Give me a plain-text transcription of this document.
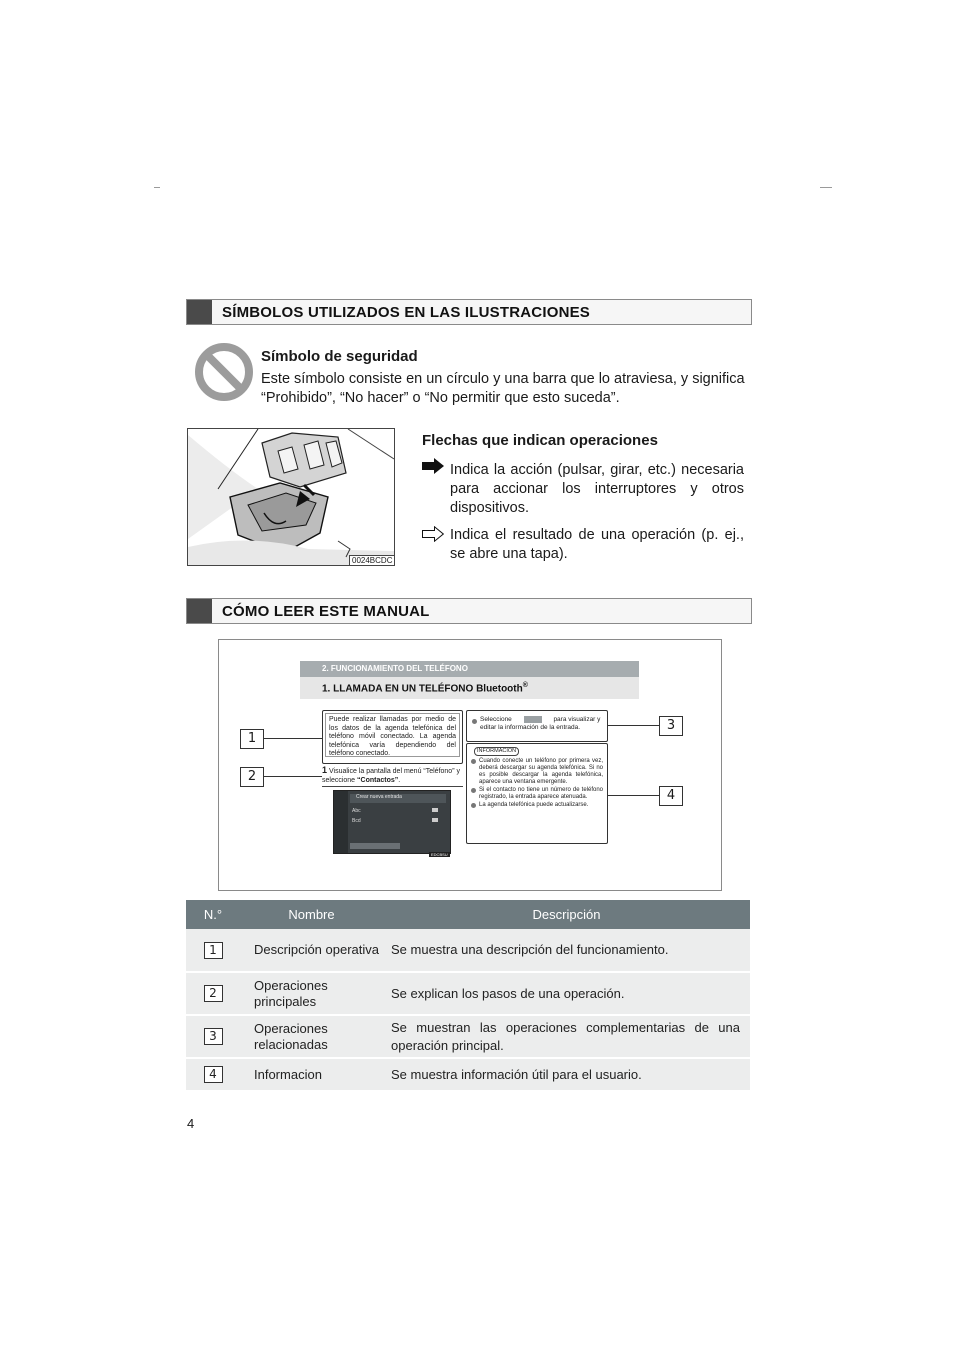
SÍMBOLOS UTILIZADOS EN LAS ILUSTRACIONES
Símbolo de seguridad
Este símbolo consiste en un círculo y una barra que lo atraviesa, y significa “Prohibido”, “No hacer” o “No permitir que esto suceda”.
0024BCDC
Flechas que indican operaciones
Indica la acción (pulsar, girar, etc.) necesaria para accionar los interruptores y otros dispositivos.
Indica el resultado de una operación (p. ej., se abre una tapa).
CÓMO LEER ESTE MANUAL
2. FUNCIONAMIENTO DEL TELÉFONO
1. LLAMADA EN UN TELÉFONO Bluetooth®
Puede realizar llamadas por medio de los datos de la agenda telefónica del teléfono móvil conectado. La agenda telefónica varía dependiendo del teléfono conectado.
1 Visualice la pantalla del menú “Teléfono” y seleccione “Contactos”.
Crear nueva entrada
Abc
Bcd
EDCBSU
Seleccione	para visualizar y editar la información de la entrada.
INFORMACION
Cuando conecte un teléfono por primera vez, deberá descargar su agenda telefónica. Si no es posible descargar la agenda telefónica, aparece una ventana emergente.
Si el contacto no tiene un número de teléfono registrado, la entrada aparece atenuada.
La agenda telefónica puede actualizarse.
1
2
3
4
N.°	Nombre	Descripción
1	Descripción operativa	Se muestra una descripción del funcionamiento.
2	Operaciones principales	Se explican los pasos de una operación.
3	Operaciones relacionadas	Se muestran las operaciones complementarias de una operación principal.
4	Informacion	Se muestra información útil para el usuario.
4
